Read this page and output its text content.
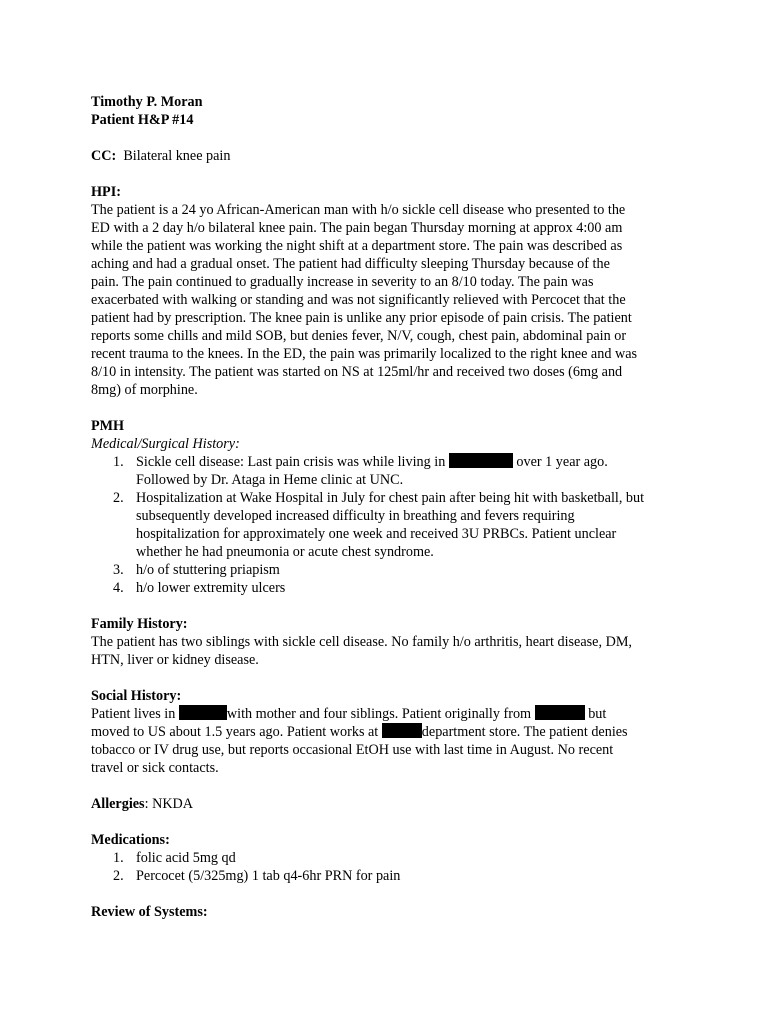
Timothy P. Moran
Patient H&P #14
CC: Bilateral knee pain
HPI:
The patient is a 24 yo African-American man with h/o sickle cell disease who presented to the
ED with a 2 day h/o bilateral knee pain. The pain began Thursday morning at approx 4:00 am
while the patient was working the night shift at a department store. The pain was described as
aching and had a gradual onset. The patient had difficulty sleeping Thursday because of the
pain. The pain continued to gradually increase in severity to an 8/10 today. The pain was
exacerbated with walking or standing and was not significantly relieved with Percocet that the
patient had by prescription. The knee pain is unlike any prior episode of pain crisis. The patient
reports some chills and mild SOB, but denies fever, N/V, cough, chest pain, abdominal pain or
recent trauma to the knees. In the ED, the pain was primarily localized to the right knee and was
8/10 in intensity. The patient was started on NS at 125ml/hr and received two doses (6mg and
8mg) of morphine.
PMH
Medical/Surgical History:
1. Sickle cell disease: Last pain crisis was while living in	over 1 year ago.
Followed by Dr. Ataga in Heme clinic at UNC.
2. Hospitalization at Wake Hospital in July for chest pain after being hit with basketball, but
subsequently developed increased difficulty in breathing and fevers requiring
hospitalization for approximately one week and received 3U PRBCs. Patient unclear
whether he had pneumonia or acute chest syndrome.
3. h/o of stuttering priapism
4. h/o lower extremity ulcers
Family History:
The patient has two siblings with sickle cell disease. No family h/o arthritis, heart disease, DM,
HTN, liver or kidney disease.
Social History:
Patient lives in	with mother and four siblings. Patient originally from	but
moved to US about 1.5 years ago. Patient works at	department store. The patient denies
tobacco or IV drug use, but reports occasional EtOH use with last time in August. No recent
travel or sick contacts.
Allergies: NKDA
Medications:
1. folic acid 5mg qd
2. Percocet (5/325mg) 1 tab q4-6hr PRN for pain
Review of Systems:
